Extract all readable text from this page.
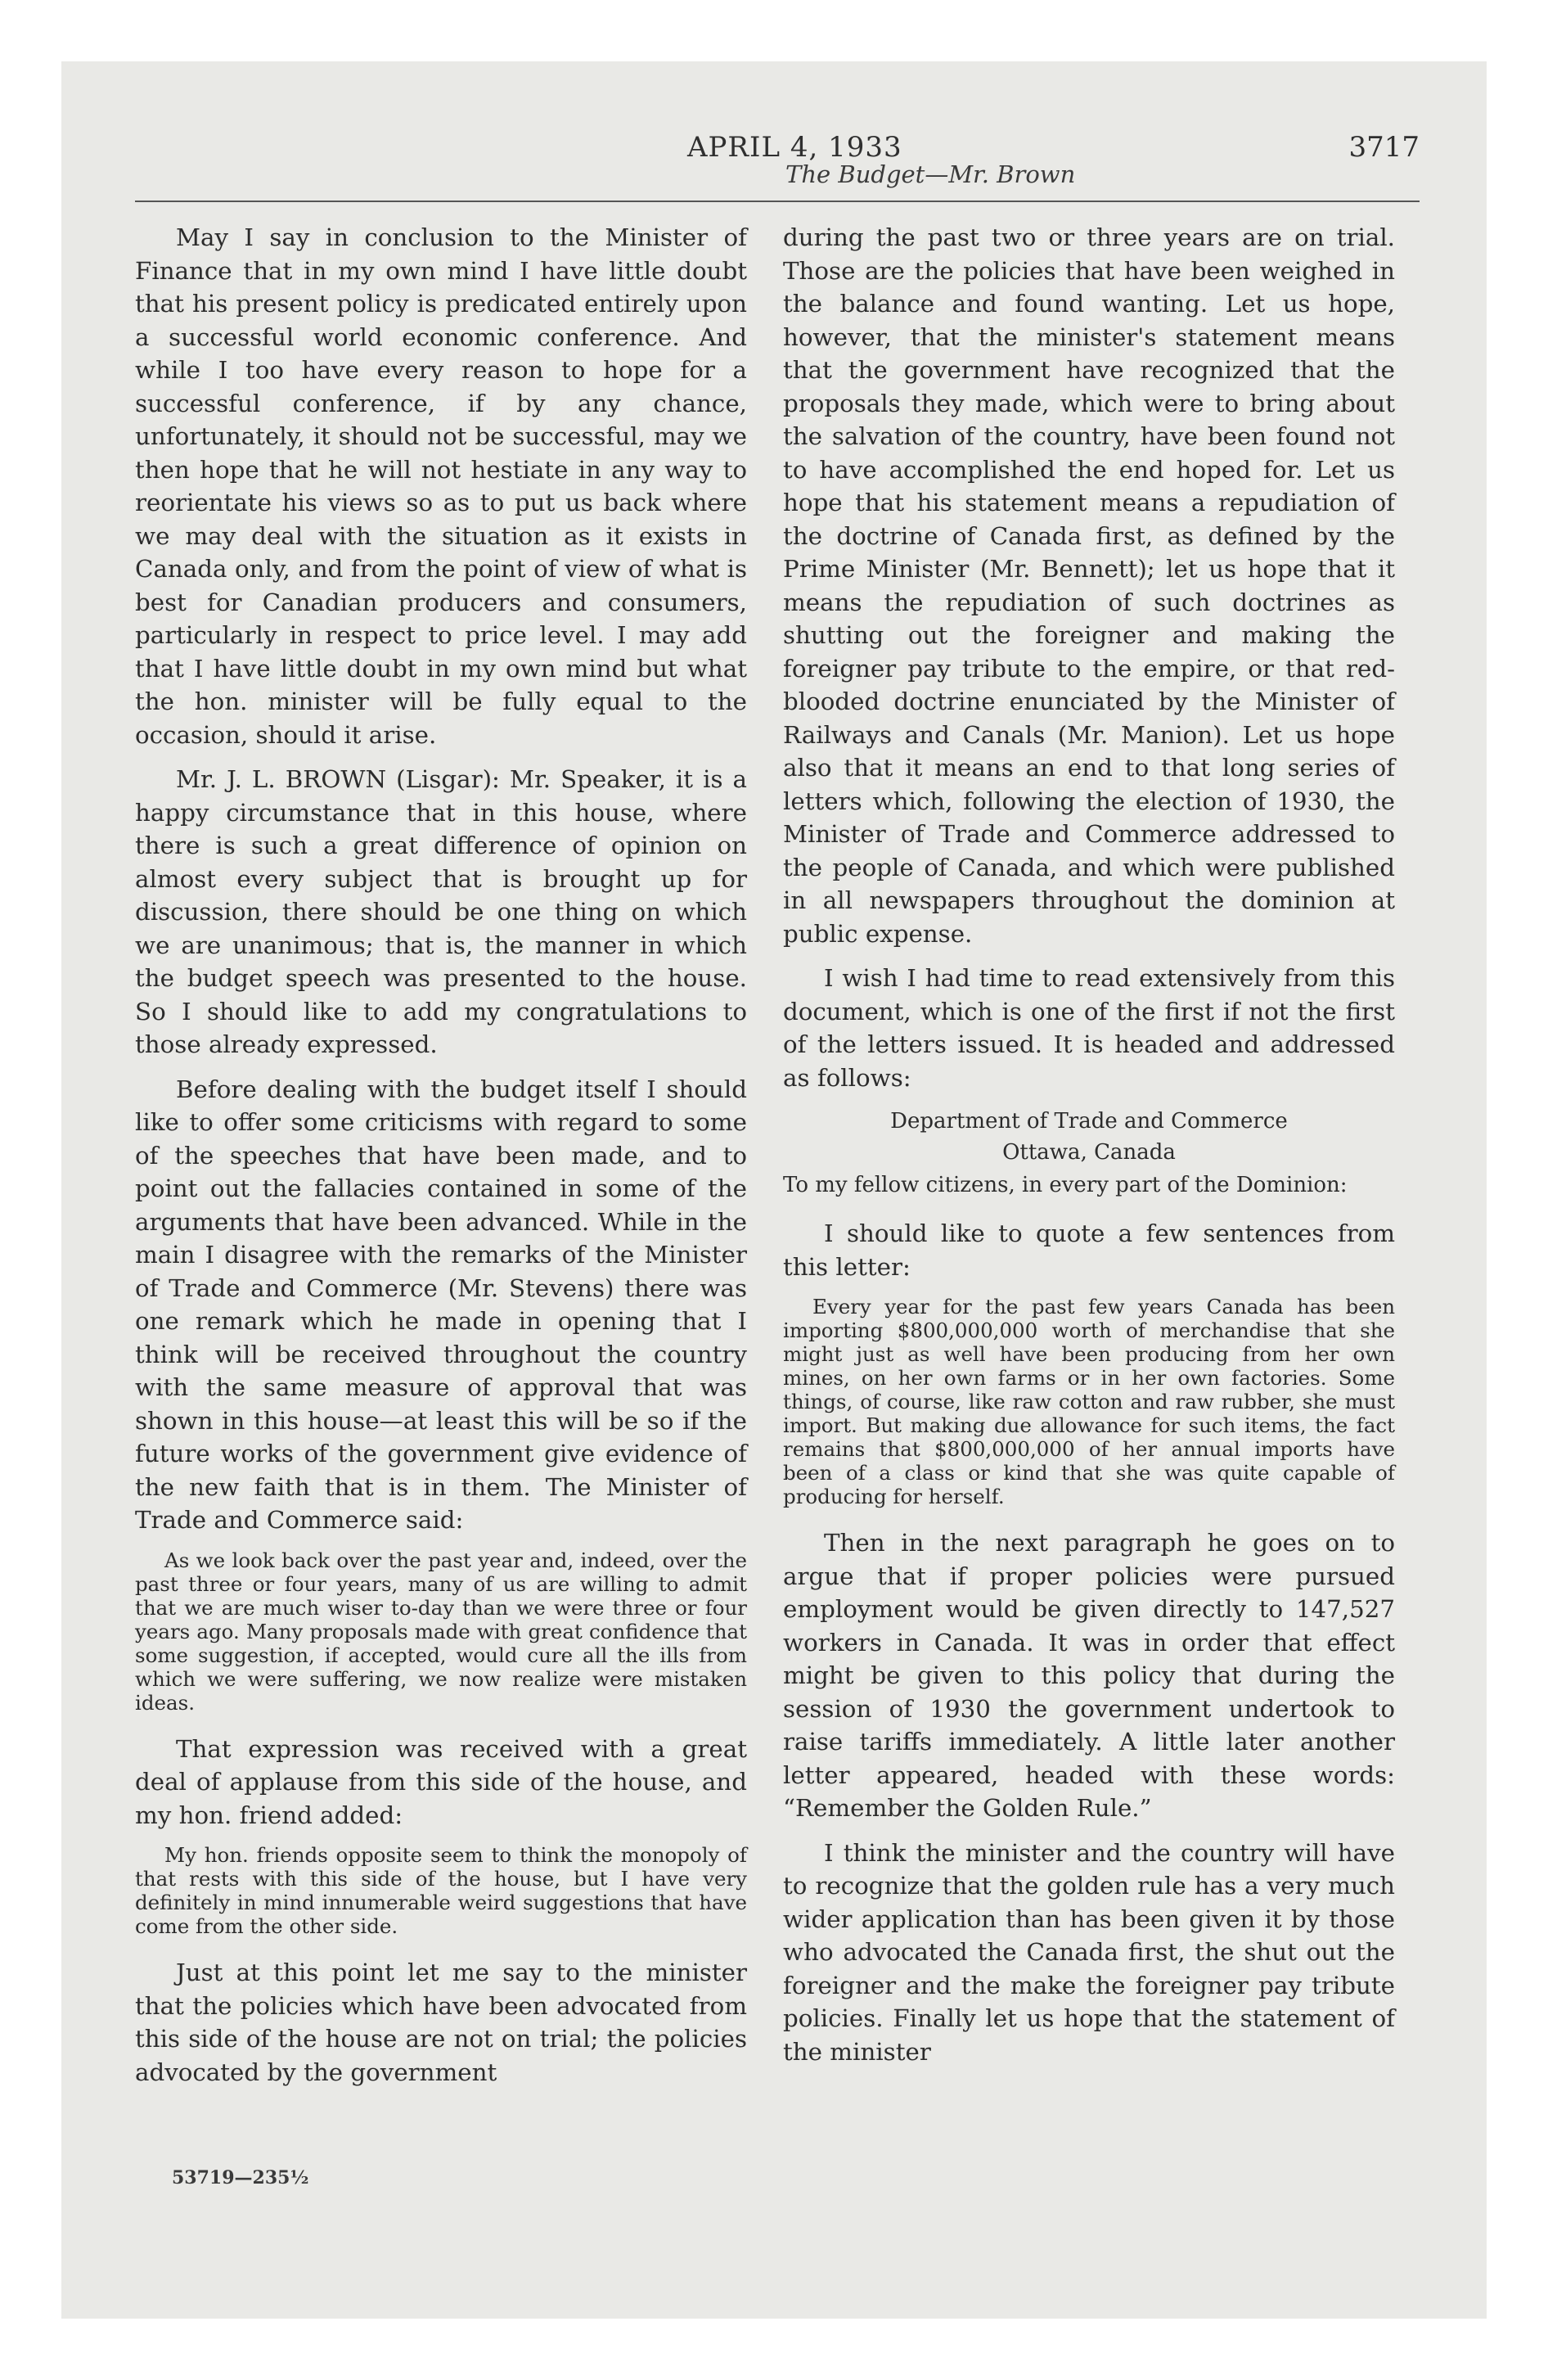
APRIL 4, 1933
The Budget—Mr. Brown
3717

May I say in conclusion to the Minister of Finance that in my own mind I have little doubt that his present policy is predicated entirely upon a successful world economic conference. And while I too have every reason to hope for a successful conference, if by any chance, unfortunately, it should not be successful, may we then hope that he will not hestiate in any way to reorientate his views so as to put us back where we may deal with the situation as it exists in Canada only, and from the point of view of what is best for Canadian producers and consumers, particularly in respect to price level. I may add that I have little doubt in my own mind but what the hon. minister will be fully equal to the occasion, should it arise.

Mr. J. L. BROWN (Lisgar): Mr. Speaker, it is a happy circumstance that in this house, where there is such a great difference of opinion on almost every subject that is brought up for discussion, there should be one thing on which we are unanimous; that is, the manner in which the budget speech was presented to the house. So I should like to add my congratulations to those already expressed.

Before dealing with the budget itself I should like to offer some criticisms with regard to some of the speeches that have been made, and to point out the fallacies contained in some of the arguments that have been advanced. While in the main I disagree with the remarks of the Minister of Trade and Commerce (Mr. Stevens) there was one remark which he made in opening that I think will be received throughout the country with the same measure of approval that was shown in this house—at least this will be so if the future works of the government give evidence of the new faith that is in them. The Minister of Trade and Commerce said:

As we look back over the past year and, indeed, over the past three or four years, many of us are willing to admit that we are much wiser to-day than we were three or four years ago. Many proposals made with great confidence that some suggestion, if accepted, would cure all the ills from which we were suffering, we now realize were mistaken ideas.

That expression was received with a great deal of applause from this side of the house, and my hon. friend added:

My hon. friends opposite seem to think the monopoly of that rests with this side of the house, but I have very definitely in mind innumerable weird suggestions that have come from the other side.

Just at this point let me say to the minister that the policies which have been advocated from this side of the house are not on trial; the policies advocated by the government

during the past two or three years are on trial. Those are the policies that have been weighed in the balance and found wanting. Let us hope, however, that the minister's statement means that the government have recognized that the proposals they made, which were to bring about the salvation of the country, have been found not to have accomplished the end hoped for. Let us hope that his statement means a repudiation of the doctrine of Canada first, as defined by the Prime Minister (Mr. Bennett); let us hope that it means the repudiation of such doctrines as shutting out the foreigner and making the foreigner pay tribute to the empire, or that red-blooded doctrine enunciated by the Minister of Railways and Canals (Mr. Manion). Let us hope also that it means an end to that long series of letters which, following the election of 1930, the Minister of Trade and Commerce addressed to the people of Canada, and which were published in all newspapers throughout the dominion at public expense.

I wish I had time to read extensively from this document, which is one of the first if not the first of the letters issued. It is headed and addressed as follows:

Department of Trade and Commerce

Ottawa, Canada

To my fellow citizens, in every part of the Dominion:

I should like to quote a few sentences from this letter:

Every year for the past few years Canada has been importing $800,000,000 worth of merchandise that she might just as well have been producing from her own mines, on her own farms or in her own factories. Some things, of course, like raw cotton and raw rubber, she must import. But making due allowance for such items, the fact remains that $800,000,000 of her annual imports have been of a class or kind that she was quite capable of producing for herself.

Then in the next paragraph he goes on to argue that if proper policies were pursued employment would be given directly to 147,527 workers in Canada. It was in order that effect might be given to this policy that during the session of 1930 the government undertook to raise tariffs immediately. A little later another letter appeared, headed with these words: “Remember the Golden Rule.”

I think the minister and the country will have to recognize that the golden rule has a very much wider application than has been given it by those who advocated the Canada first, the shut out the foreigner and the make the foreigner pay tribute policies. Finally let us hope that the statement of the minister

53719—235½
